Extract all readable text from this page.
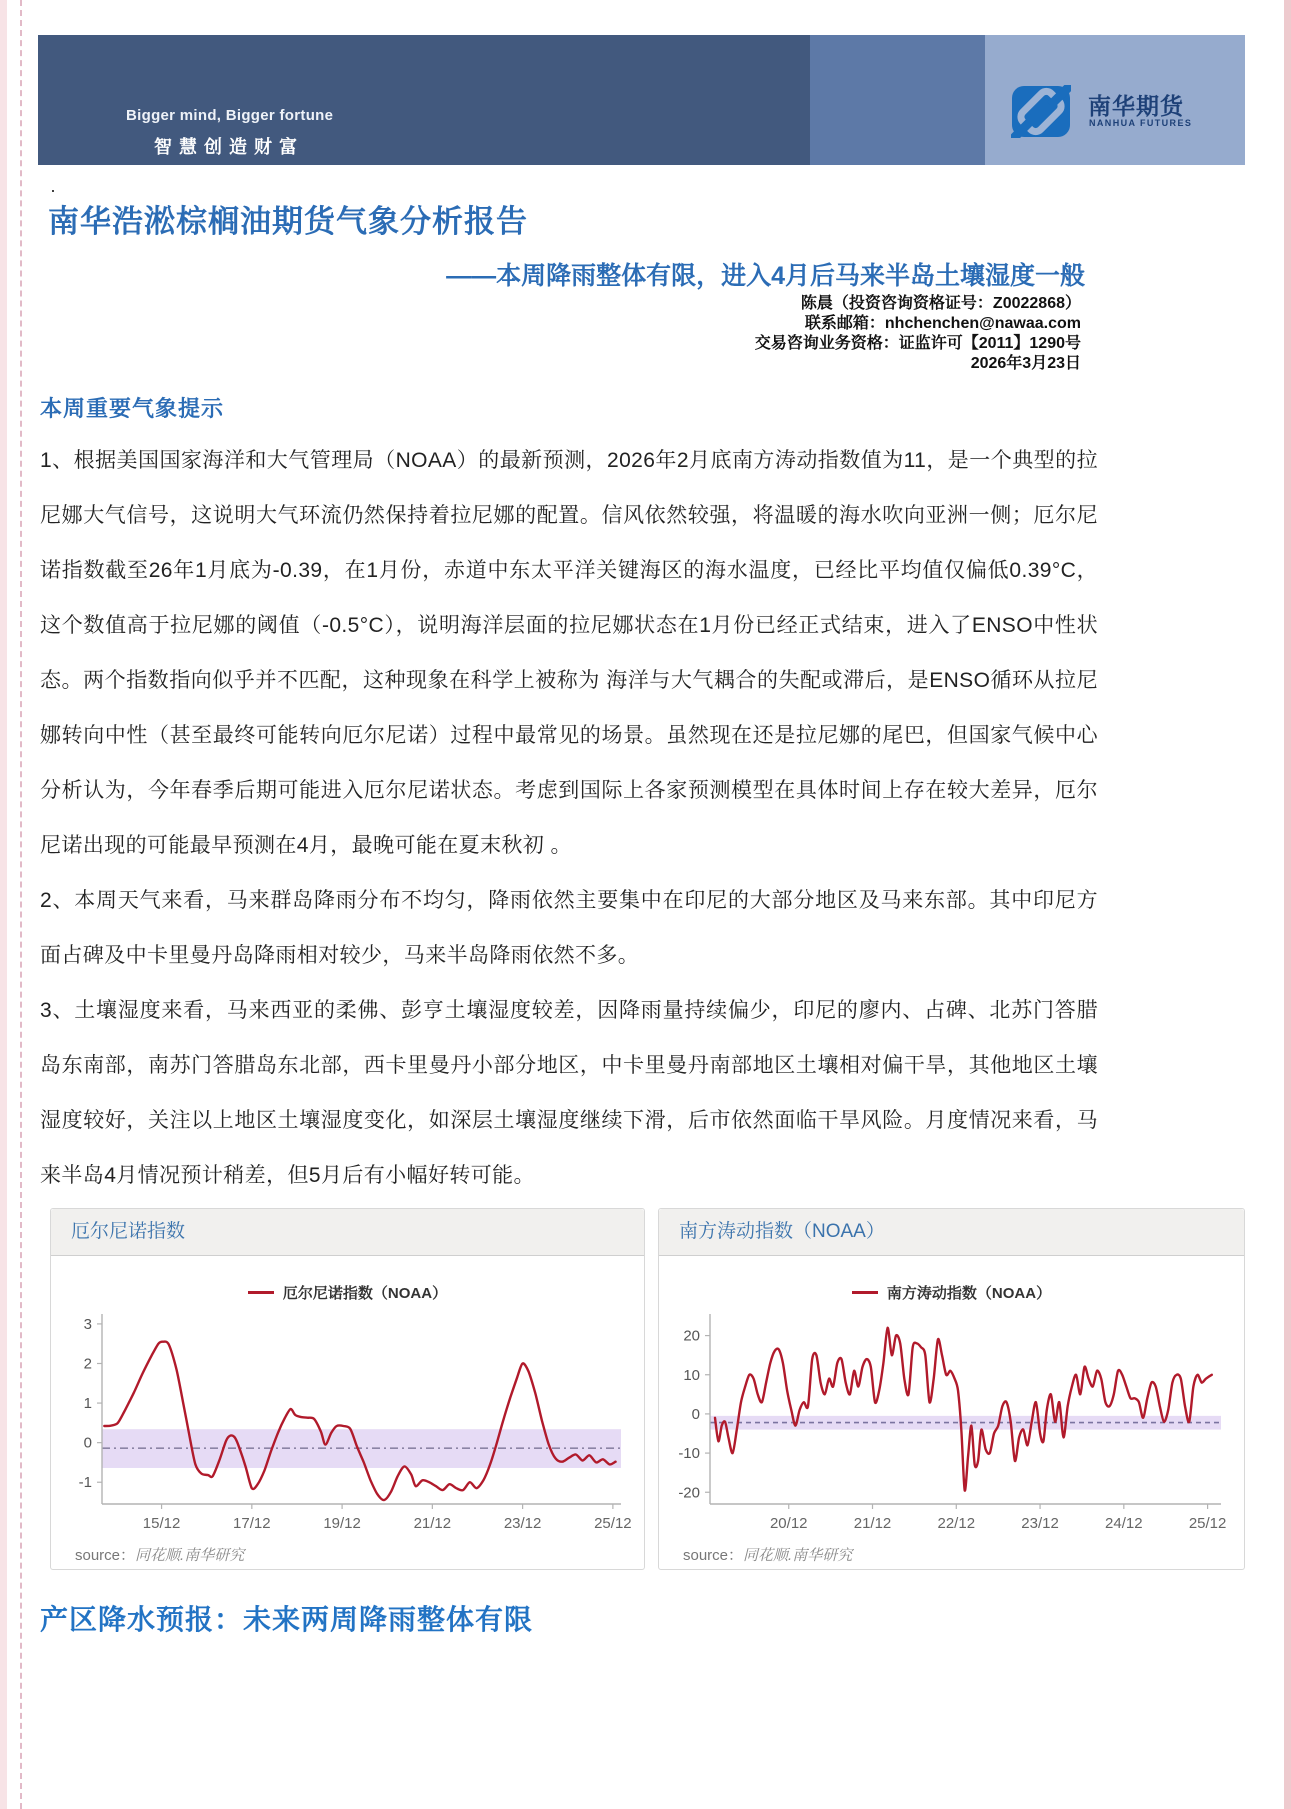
Bigger mind, Bigger fortune
智慧创造财富
南华期货
NANHUA FUTURES
·
南华浩淞棕榈油期货气象分析报告
——本周降雨整体有限，进入4月后马来半岛土壤湿度一般
陈晨（投资咨询资格证号：Z0022868）
联系邮箱：nhchenchen@nawaa.com
交易咨询业务资格：证监许可【2011】1290号
2026年3月23日
本周重要气象提示

1、根据美国国家海洋和大气管理局（NOAA）的最新预测，2026年2月底南方涛动指数值为11，是一个典型的拉尼娜大气信号，这说明大气环流仍然保持着拉尼娜的配置。信风依然较强，将温暖的海水吹向亚洲一侧；厄尔尼诺指数截至26年1月底为-0.39，在1月份，赤道中东太平洋关键海区的海水温度，已经比平均值仅偏低0.39°C，这个数值高于拉尼娜的阈值（-0.5°C），说明海洋层面的拉尼娜状态在1月份已经正式结束，进入了ENSO中性状态。两个指数指向似乎并不匹配，这种现象在科学上被称为 海洋与大气耦合的失配或滞后，是ENSO循环从拉尼娜转向中性（甚至最终可能转向厄尔尼诺）过程中最常见的场景。虽然现在还是拉尼娜的尾巴，但国家气候中心分析认为，今年春季后期可能进入厄尔尼诺状态。考虑到国际上各家预测模型在具体时间上存在较大差异，厄尔尼诺出现的可能最早预测在4月，最晚可能在夏末秋初 。

2、本周天气来看，马来群岛降雨分布不均匀，降雨依然主要集中在印尼的大部分地区及马来东部。其中印尼方面占碑及中卡里曼丹岛降雨相对较少，马来半岛降雨依然不多。

3、土壤湿度来看，马来西亚的柔佛、彭亨土壤湿度较差，因降雨量持续偏少，印尼的廖内、占碑、北苏门答腊岛东南部，南苏门答腊岛东北部，西卡里曼丹小部分地区，中卡里曼丹南部地区土壤相对偏干旱，其他地区土壤湿度较好，关注以上地区土壤湿度变化，如深层土壤湿度继续下滑，后市依然面临干旱风险。月度情况来看，马来半岛4月情况预计稍差，但5月后有小幅好转可能。

厄尔尼诺指数
厄尔尼诺指数（NOAA）
3
2
1
0
-1
15/12	17/12	19/12	21/12	23/12	25/12
source：同花顺.南华研究
南方涛动指数（NOAA）
南方涛动指数（NOAA）
20
10
0
-10
-20
20/12	21/12	22/12	23/12	24/12	25/12
source：同花顺.南华研究
产区降水预报：未来两周降雨整体有限
